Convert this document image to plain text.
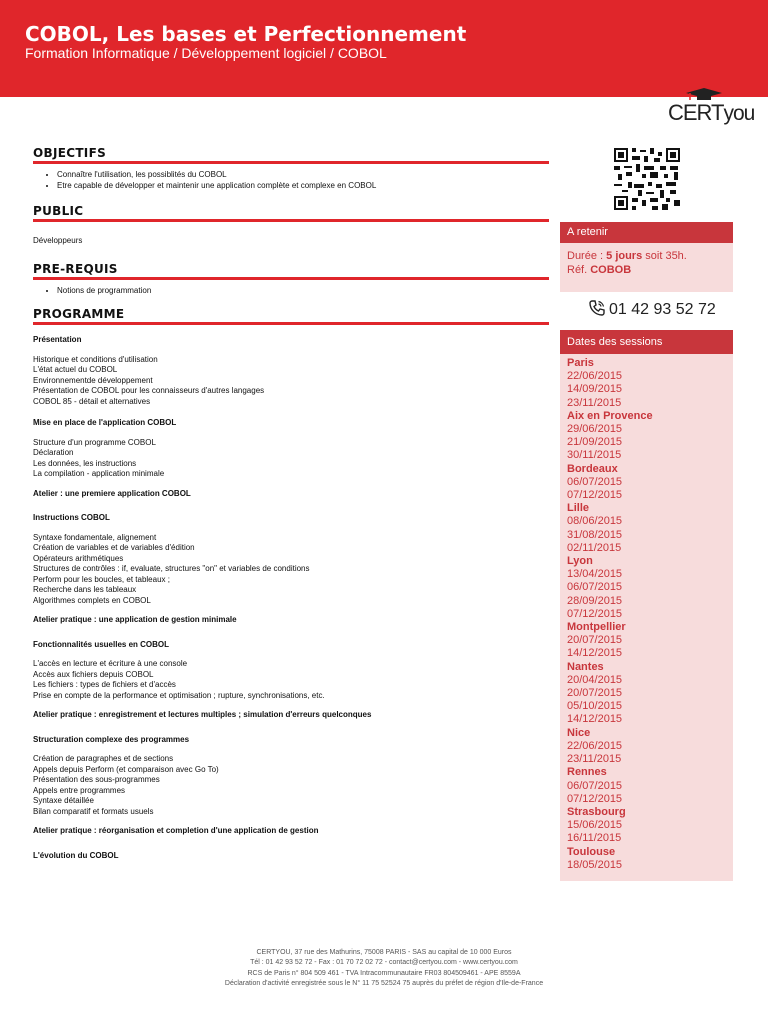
COBOL, Les bases et Perfectionnement
Formation Informatique / Développement logiciel / COBOL
CERTyou
OBJECTIFS
• Connaître l'utilisation, les possiblités du COBOL
• Etre capable de développer et maintenir une application complète et complexe en COBOL
PUBLIC
Développeurs
PRE-REQUIS
• Notions de programmation
PROGRAMME
Présentation
Historique et conditions d'utilisation
L'état actuel du COBOL
Environnementde développement
Présentation de COBOL pour les connaisseurs d'autres langages
COBOL 85 - détail et alternatives
Mise en place de l'application COBOL
Structure d'un programme COBOL
Déclaration
Les données, les instructions
La compilation - application minimale
Atelier : une premiere application COBOL
Instructions COBOL
Syntaxe fondamentale, alignement
Création de variables et de variables d'édition
Opérateurs arithmétiques
Structures de contrôles : if, evaluate, structures "on" et variables de conditions
Perform pour les boucles, et tableaux ;
Recherche dans les tableaux
Algorithmes complets en COBOL
Atelier pratique : une application de gestion minimale
Fonctionnalités usuelles en COBOL
L'accès en lecture et écriture à une console
Accès aux fichiers depuis COBOL
Les fichiers : types de fichiers et d'accès
Prise en compte de la performance et optimisation ; rupture, synchronisations, etc.
Atelier pratique : enregistrement et lectures multiples ; simulation d'erreurs quelconques
Structuration complexe des programmes
Création de paragraphes et de sections
Appels depuis Perform (et comparaison avec Go To)
Présentation des sous-programmes
Appels entre programmes
Syntaxe détaillée
Bilan comparatif et formats usuels
Atelier pratique : réorganisation et completion d'une application de gestion
L'évolution du COBOL
A retenir
Durée : 5 jours soit 35h.
Réf. COBOB
01 42 93 52 72
Dates des sessions
Paris
22/06/2015
14/09/2015
23/11/2015
Aix en Provence
29/06/2015
21/09/2015
30/11/2015
Bordeaux
06/07/2015
07/12/2015
Lille
08/06/2015
31/08/2015
02/11/2015
Lyon
13/04/2015
06/07/2015
28/09/2015
07/12/2015
Montpellier
20/07/2015
14/12/2015
Nantes
20/04/2015
20/07/2015
05/10/2015
14/12/2015
Nice
22/06/2015
23/11/2015
Rennes
06/07/2015
07/12/2015
Strasbourg
15/06/2015
16/11/2015
Toulouse
18/05/2015
CERTYOU, 37 rue des Mathurins, 75008 PARIS - SAS au capital de 10 000 Euros
Tél : 01 42 93 52 72 - Fax : 01 70 72 02 72 - contact@certyou.com - www.certyou.com
RCS de Paris n° 804 509 461 - TVA Intracommunautaire FR03 804509461 - APE 8559A
Déclaration d'activité enregistrée sous le N° 11 75 52524 75 auprès du préfet de région d'Ile-de-France
